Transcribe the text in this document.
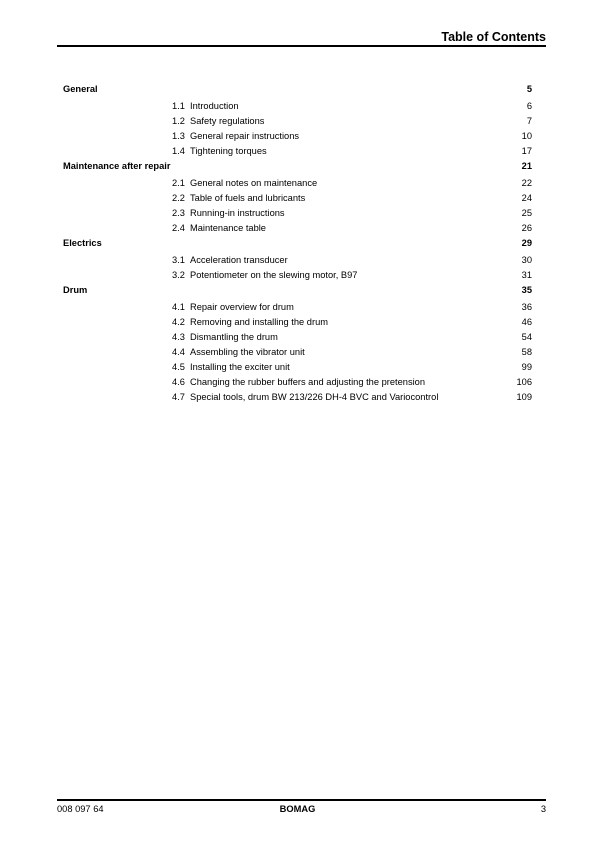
Table of Contents
General	5
1.1 Introduction	6
1.2 Safety regulations	7
1.3 General repair instructions	10
1.4 Tightening torques	17
Maintenance after repair	21
2.1 General notes on maintenance	22
2.2 Table of fuels and lubricants	24
2.3 Running-in instructions	25
2.4 Maintenance table	26
Electrics	29
3.1 Acceleration transducer	30
3.2 Potentiometer on the slewing motor, B97	31
Drum	35
4.1 Repair overview for drum	36
4.2 Removing and installing the drum	46
4.3 Dismantling the drum	54
4.4 Assembling the vibrator unit	58
4.5 Installing the exciter unit	99
4.6 Changing the rubber buffers and adjusting the pretension	106
4.7 Special tools, drum BW 213/226 DH-4 BVC and Variocontrol	109
008 097 64	BOMAG	3
